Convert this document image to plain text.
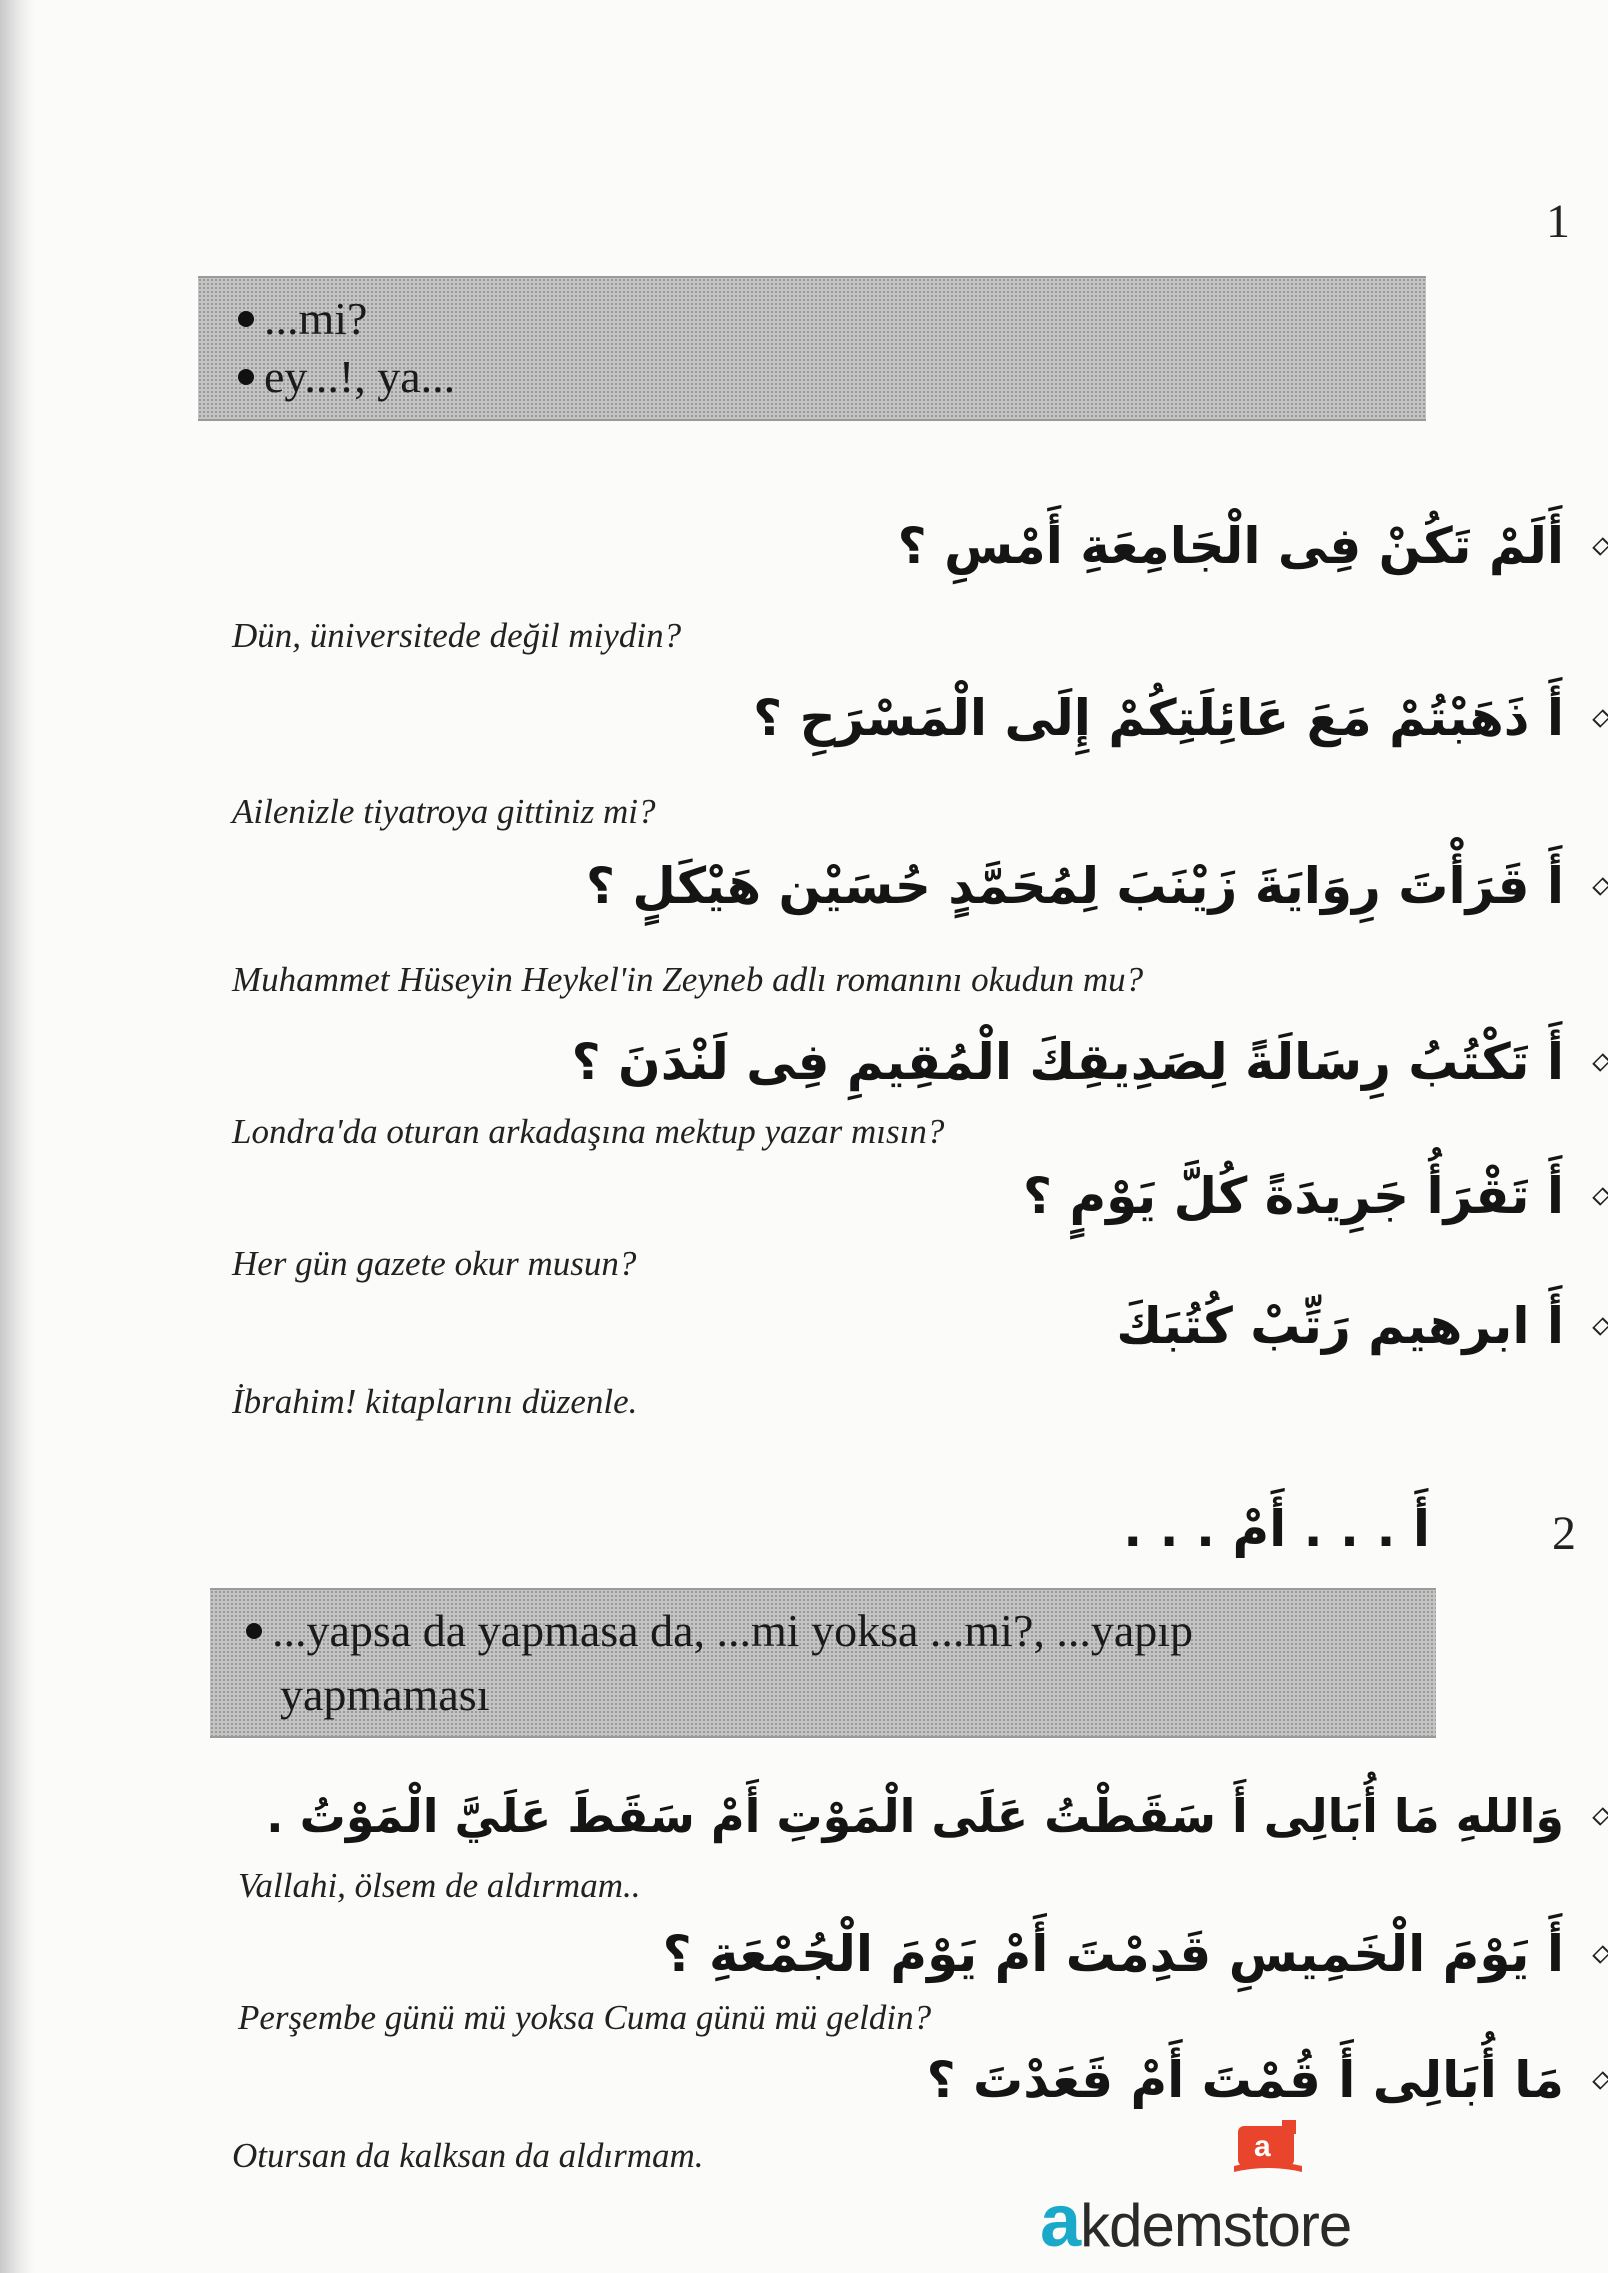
1
...mi?
ey...!, ya...
أَلَمْ تَكُنْ فِى الْجَامِعَةِ أَمْسِ ؟
Dün, üniversitede değil miydin?
أَ ذَهَبْتُمْ مَعَ عَائِلَتِكُمْ إِلَى الْمَسْرَحِ ؟
Ailenizle tiyatroya gittiniz mi?
أَ قَرَأْتَ رِوَايَةَ زَيْنَبَ لِمُحَمَّدٍ حُسَيْن هَيْكَلٍ ؟
Muhammet Hüseyin Heykel'in Zeyneb adlı romanını okudun mu?
أَ تَكْتُبُ رِسَالَةً لِصَدِيقِكَ الْمُقِيمِ فِى لَنْدَنَ ؟
Londra'da oturan arkadaşına mektup yazar mısın?
أَ تَقْرَأُ جَرِيدَةً كُلَّ يَوْمٍ ؟
Her gün gazete okur musun?
أَ ابرهيم رَتِّبْ كُتُبَكَ
İbrahim! kitaplarını düzenle.
2
أَ . . . أَمْ . . .
...yapsa da yapmasa da, ...mi yoksa ...mi?, ...yapıp
yapmaması
وَاللهِ مَا أُبَالِى أَ سَقَطْتُ عَلَى الْمَوْتِ أَمْ سَقَطَ عَلَيَّ الْمَوْتُ .
Vallahi, ölsem de aldırmam..
أَ يَوْمَ الْخَمِيسِ قَدِمْتَ أَمْ يَوْمَ الْجُمْعَةِ ؟
Perşembe günü mü yoksa Cuma günü mü geldin?
مَا أُبَالِى أَ قُمْتَ أَمْ قَعَدْتَ ؟
Otursan da kalksan da aldırmam.	a
akdemstore
